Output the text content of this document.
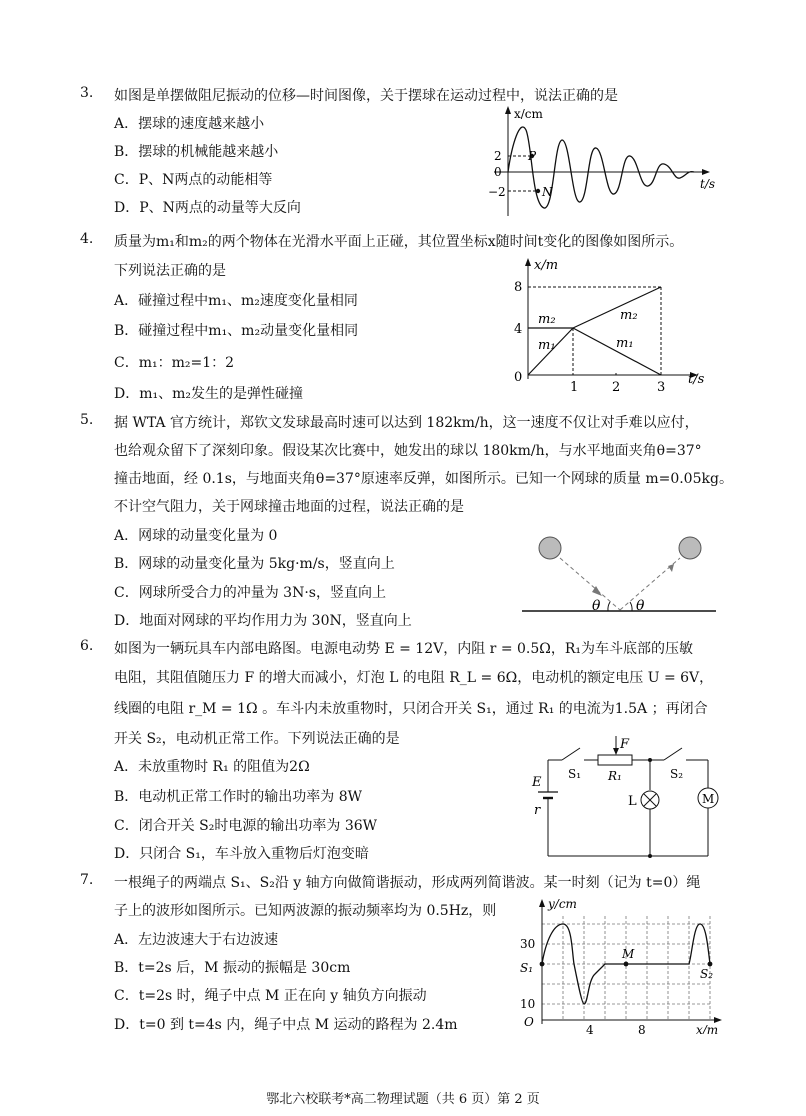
3. 如图是单摆做阻尼振动的位移—时间图像，关于摆球在运动过程中，说法正确的是
A．摆球的速度越来越小
B．摆球的机械能越来越小
C．P、N两点的动能相等
D．P、N两点的动量等大反向
x/cm
t/s
2
0
−2
P
N
4. 质量为m₁和m₂的两个物体在光滑水平面上正碰，其位置坐标x随时间t变化的图像如图所示。
下列说法正确的是
A．碰撞过程中m₁、m₂速度变化量相同
B．碰撞过程中m₁、m₂动量变化量相同
C．m₁：m₂=1：2
D．m₁、m₂发生的是弹性碰撞
x/m
t/s
8
4
0
1	2	3
m₂
m₁
m₂
m₁
5. 据 WTA 官方统计，郑钦文发球最高时速可以达到 182km/h，这一速度不仅让对手难以应付，
也给观众留下了深刻印象。假设某次比赛中，她发出的球以 180km/h，与水平地面夹角θ=37°
撞击地面，经 0.1s，与地面夹角θ=37°原速率反弹，如图所示。已知一个网球的质量 m=0.05kg。
不计空气阻力，关于网球撞击地面的过程，说法正确的是
A．网球的动量变化量为 0
B．网球的动量变化量为 5kg·m/s，竖直向上
C．网球所受合力的冲量为 3N·s，竖直向上
D．地面对网球的平均作用力为 30N，竖直向上
θ	θ
6. 如图为一辆玩具车内部电路图。电源电动势 E = 12V，内阻 r = 0.5Ω，R₁为车斗底部的压敏
电阻，其阻值随压力 F 的增大而减小，灯泡 L 的电阻 R_L = 6Ω，电动机的额定电压 U = 6V，
线圈的电阻 r_M = 1Ω 。车斗内未放重物时，只闭合开关 S₁，通过 R₁ 的电流为1.5A ；再闭合
开关 S₂，电动机正常工作。下列说法正确的是
A．未放重物时 R₁ 的阻值为2Ω
B．电动机正常工作时的输出功率为 8W
C．闭合开关 S₂时电源的输出功率为 36W
D．只闭合 S₁，车斗放入重物后灯泡变暗
E
r
S₁
F
R₁	S₂
L	M
7. 一根绳子的两端点 S₁、S₂沿 y 轴方向做简谐振动，形成两列简谐波。某一时刻（记为 t=0）绳
子上的波形如图所示。已知两波源的振动频率均为 0.5Hz，则
A．左边波速大于右边波速
B．t=2s 后，M 振动的振幅是 30cm
C．t=2s 时，绳子中点 M 正在向 y 轴负方向振动
D．t=0 到 t=4s 内，绳子中点 M 运动的路程为 2.4m
y/cm
x/m
30
10
O
4	8
S₁	S₂
M
鄂北六校联考*高二物理试题（共 6 页）第 2 页
